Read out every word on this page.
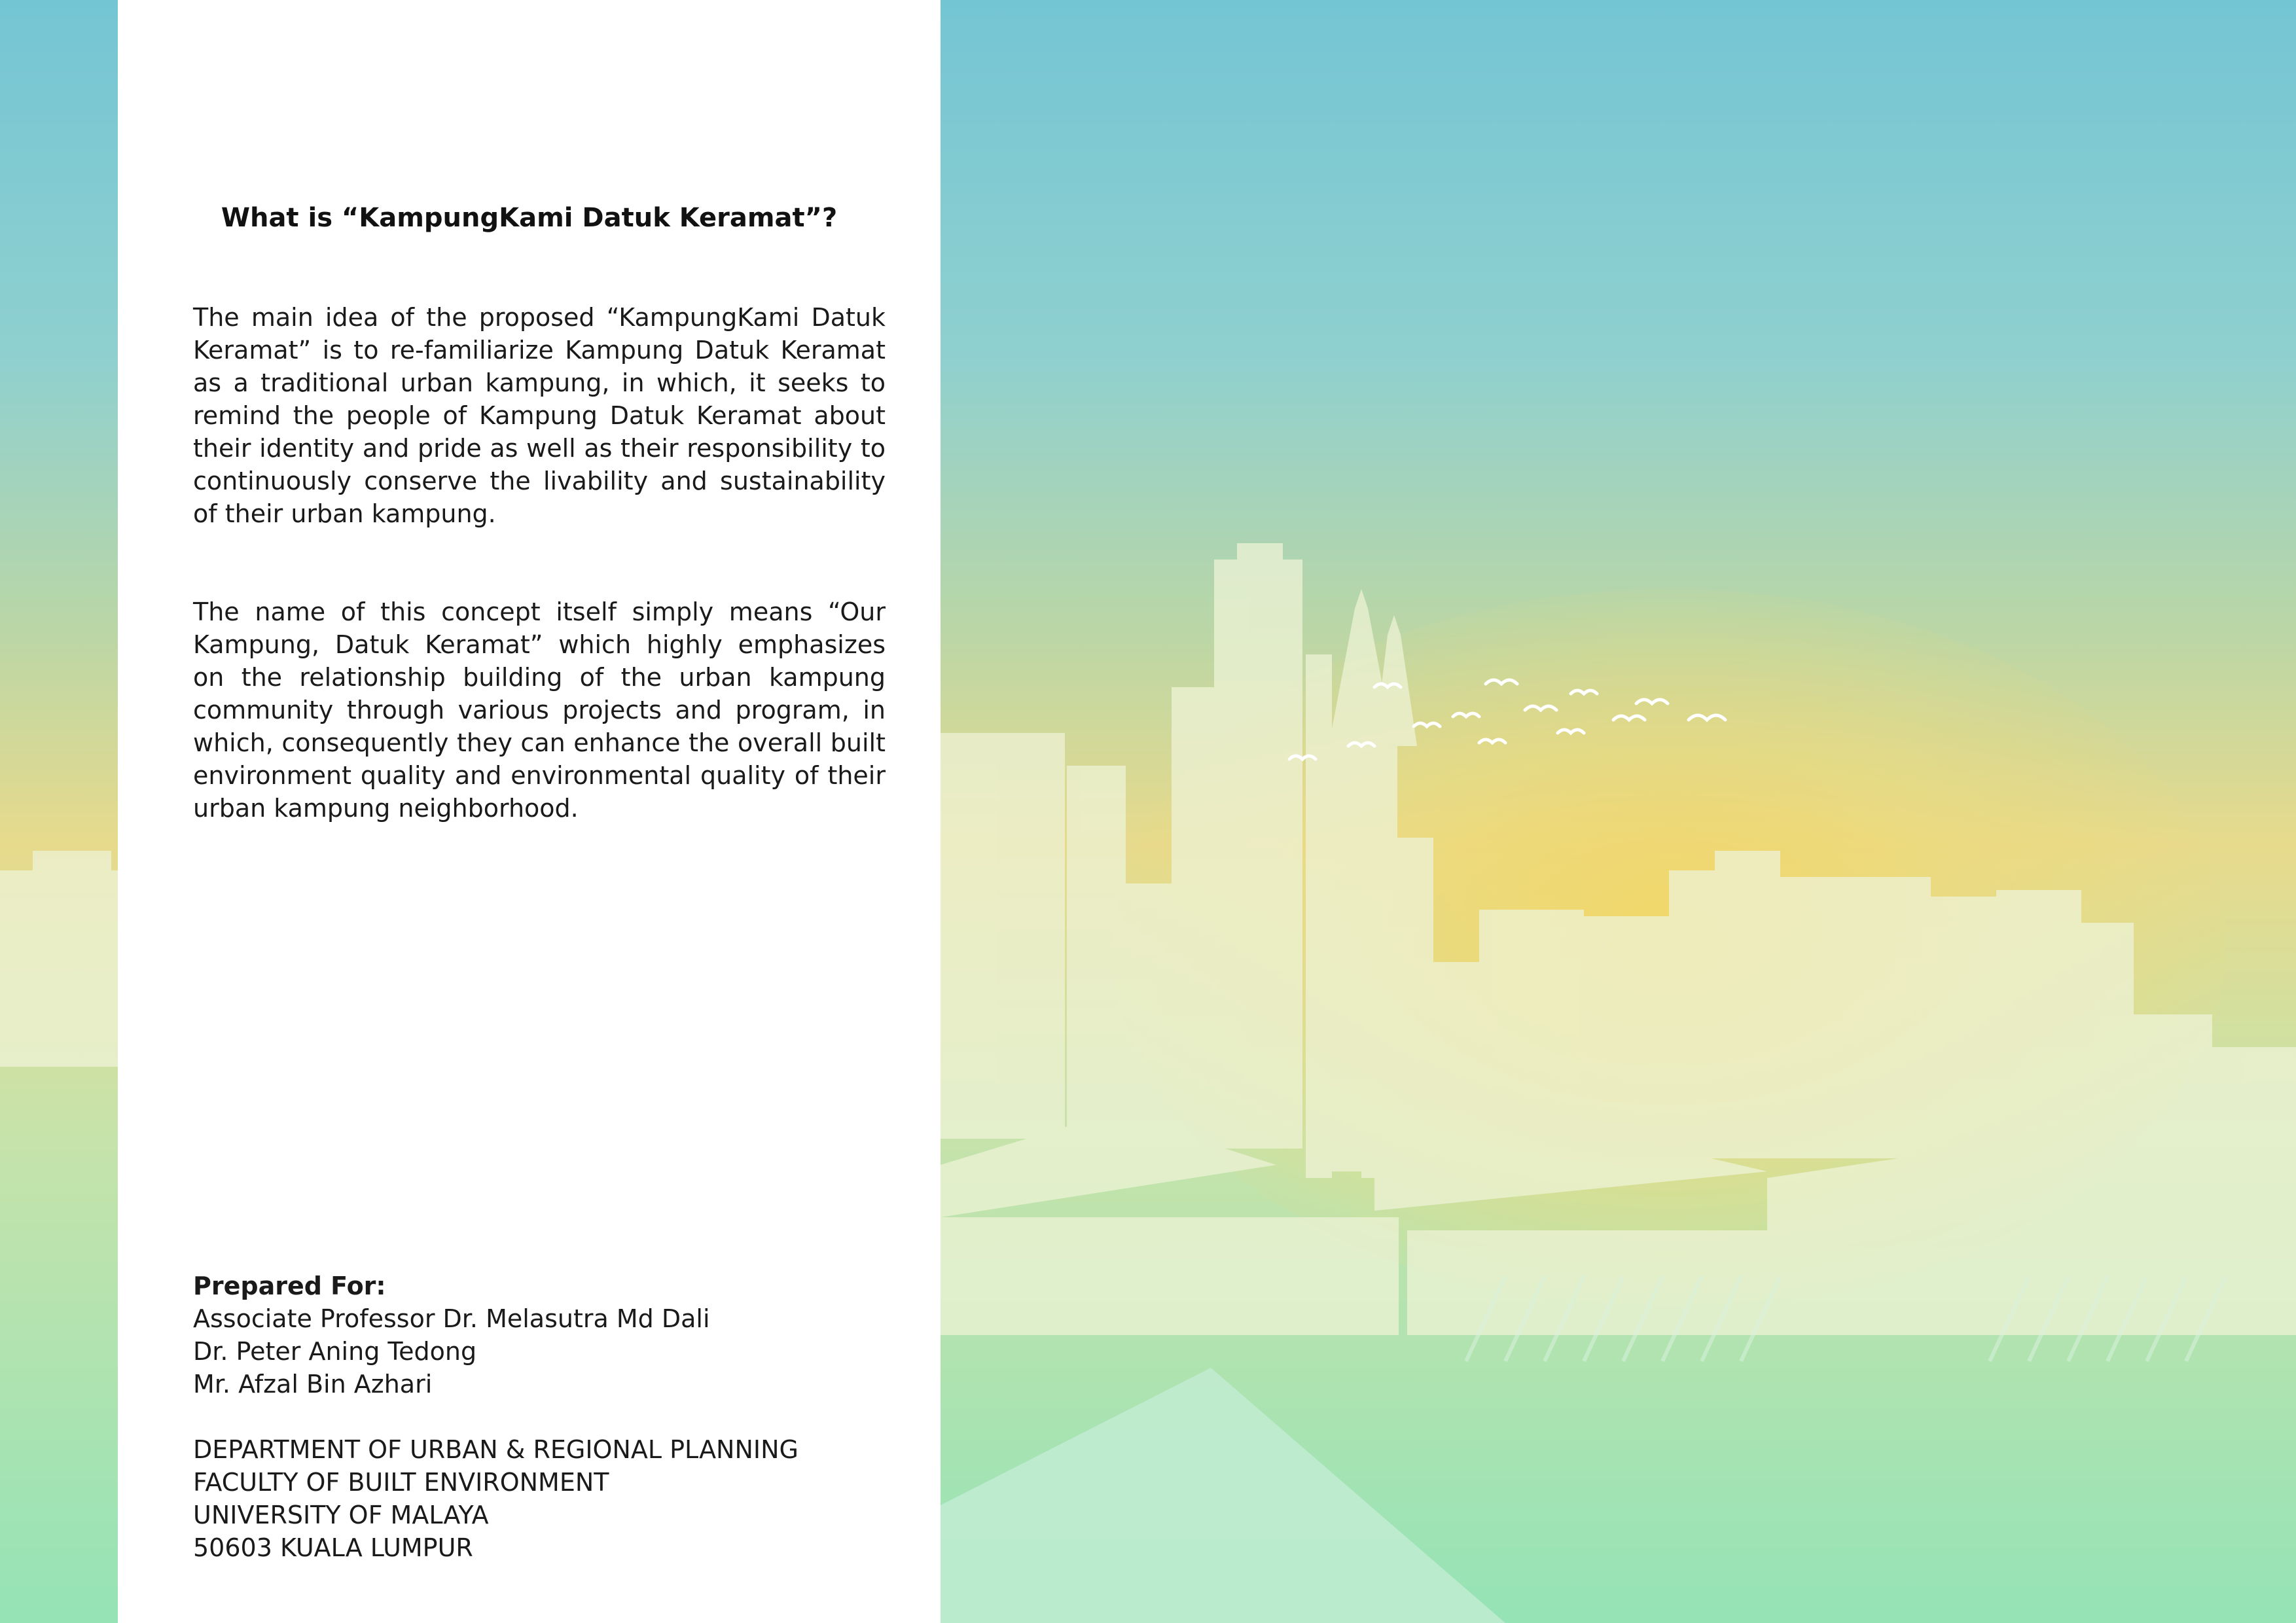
What is “KampungKami Datuk Keramat”?

The main idea of the proposed “KampungKami Datuk Keramat” is to re-familiarize Kampung Datuk Keramat as a traditional urban kampung, in which, it seeks to remind the people of Kampung Datuk Keramat about their identity and pride as well as their responsibility to continuously conserve the livability and sustainability of their urban kampung.

The name of this concept itself simply means “Our Kampung, Datuk Keramat” which highly emphasizes on the relationship building of the urban kampung community through various projects and program, in which, consequently they can enhance the overall built environment quality and environmental quality of their urban kampung neighborhood.

Prepared For:
Associate Professor Dr. Melasutra Md Dali
Dr. Peter Aning Tedong
Mr. Afzal Bin Azhari
DEPARTMENT OF URBAN & REGIONAL PLANNING
FACULTY OF BUILT ENVIRONMENT
UNIVERSITY OF MALAYA
50603 KUALA LUMPUR
